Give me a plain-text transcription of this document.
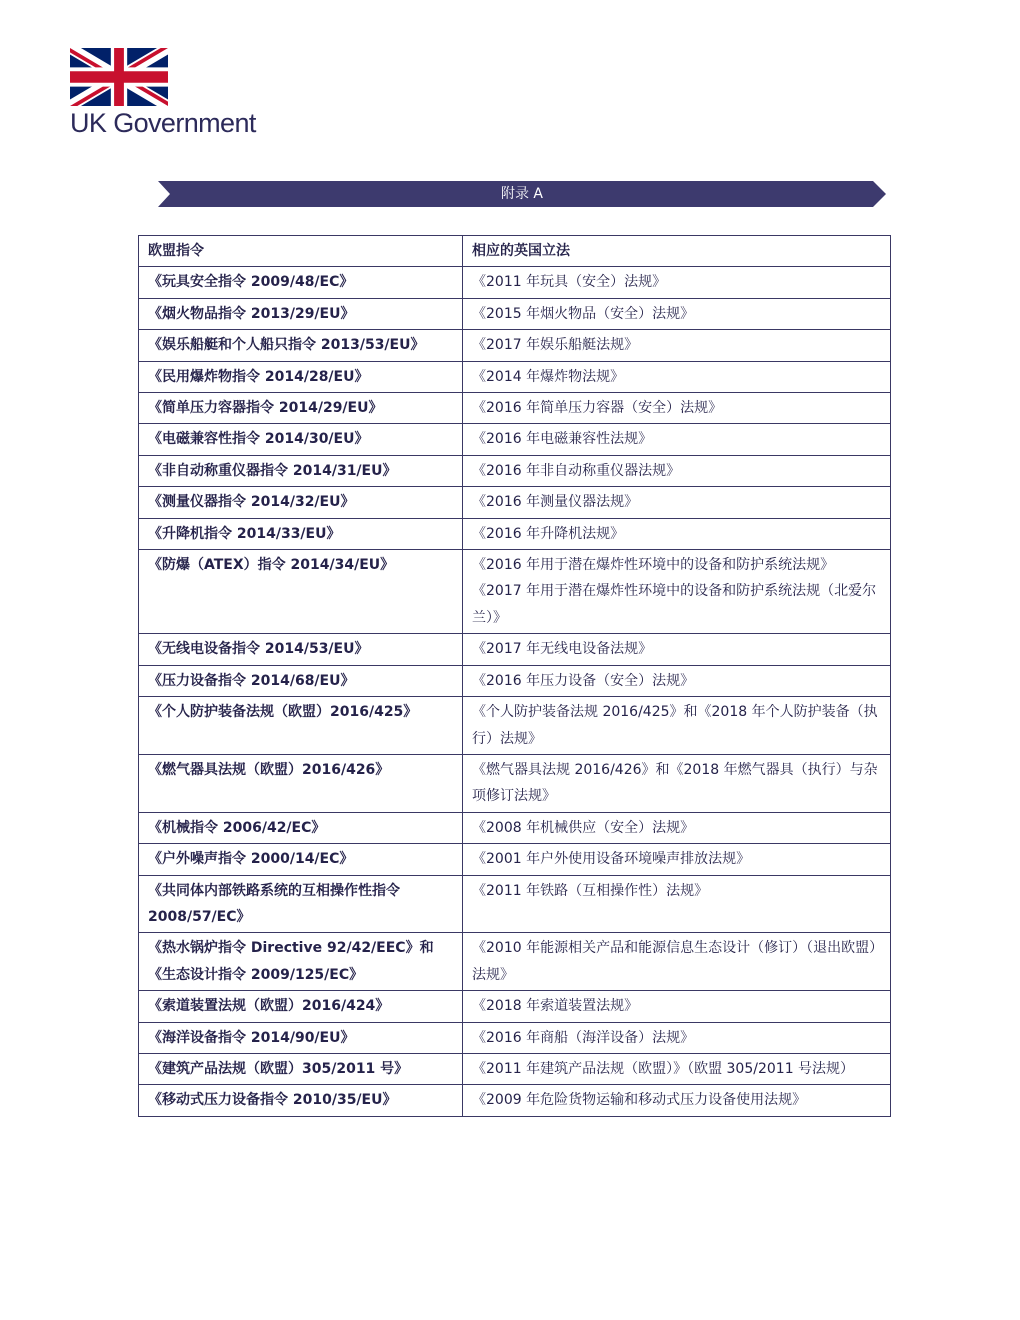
UK Government
附录 A
欧盟指令	相应的英国立法
《玩具安全指令 2009/48/EC》	《2011 年玩具（安全）法规》

《烟火物品指令 2013/29/EU》	《2015 年烟火物品（安全）法规》

《娱乐船艇和个人船只指令 2013/53/EU》	《2017 年娱乐船艇法规》

《民用爆炸物指令 2014/28/EU》	《2014 年爆炸物法规》

《简单压力容器指令 2014/29/EU》	《2016 年简单压力容器（安全）法规》

《电磁兼容性指令 2014/30/EU》	《2016 年电磁兼容性法规》

《非自动称重仪器指令 2014/31/EU》	《2016 年非自动称重仪器法规》

《测量仪器指令 2014/32/EU》	《2016 年测量仪器法规》

《升降机指令 2014/33/EU》	《2016 年升降机法规》

《防爆（ATEX）指令 2014/34/EU》	《2016 年用于潜在爆炸性环境中的设备和防护系统法规》
《2017 年用于潜在爆炸性环境中的设备和防护系统法规（北爱尔兰）》

《无线电设备指令 2014/53/EU》	《2017 年无线电设备法规》

《压力设备指令 2014/68/EU》	《2016 年压力设备（安全）法规》

《个人防护装备法规（欧盟）2016/425》	《个人防护装备法规 2016/425》和《2018 年个人防护装备（执行）法规》

《燃气器具法规（欧盟）2016/426》	《燃气器具法规 2016/426》和《2018 年燃气器具（执行）与杂项修订法规》

《机械指令 2006/42/EC》	《2008 年机械供应（安全）法规》

《户外噪声指令 2000/14/EC》	《2001 年户外使用设备环境噪声排放法规》

《共同体内部铁路系统的互相操作性指令 2008/57/EC》	《2011 年铁路（互相操作性）法规》

《热水锅炉指令 Directive 92/42/EEC》和《生态设计指令 2009/125/EC》	《2010 年能源相关产品和能源信息生态设计（修订）（退出欧盟）法规》

《索道装置法规（欧盟）2016/424》	《2018 年索道装置法规》

《海洋设备指令 2014/90/EU》	《2016 年商船（海洋设备）法规》

《建筑产品法规（欧盟）305/2011 号》	《2011 年建筑产品法规（欧盟）》（欧盟 305/2011 号法规）

《移动式压力设备指令 2010/35/EU》	《2009 年危险货物运输和移动式压力设备使用法规》
